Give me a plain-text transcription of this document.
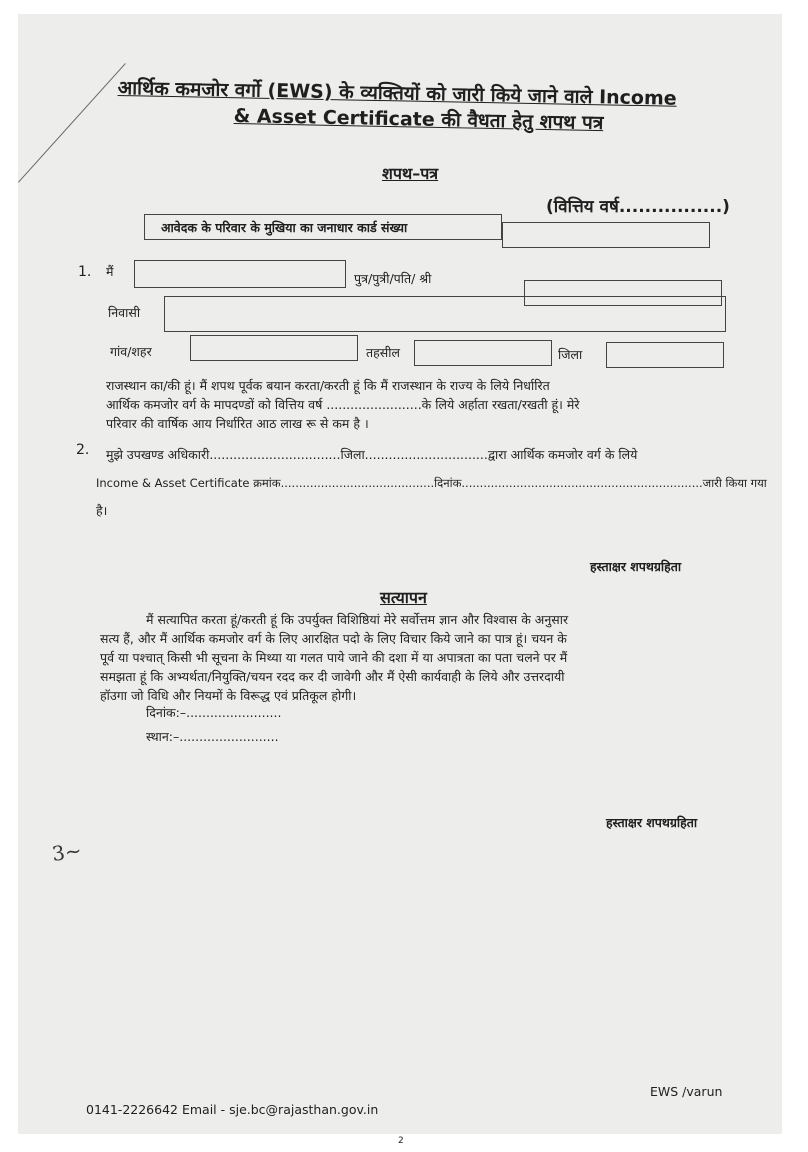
आर्थिक कमजोर वर्गो (EWS) के व्यक्तियों को जारी किये जाने वाले Income
& Asset Certificate की वैधता हेतु शपथ पत्र
शपथ–पत्र
(वित्तिय वर्ष................)
आवेदक के परिवार के मुखिया का जनाधार कार्ड संख्या
1. मैं	पुत्र/पुत्री/पति/ श्री
निवासी
गांव/शहर	तहसील	जिला
राजस्थान का/की हूं। मैं शपथ पूर्वक बयान करता/करती हूं कि मैं राजस्थान के राज्य के लिये निर्धारित
आर्थिक कमजोर वर्ग के मापदण्डों को वित्तिय वर्ष ........................के लिये अर्हाता रखता/रखती हूं। मेरे
परिवार की वार्षिक आय निर्धारित आठ लाख रू से कम है ।
2. मुझे उपखण्ड अधिकारी.................................जिला...............................द्वारा आर्थिक कमजोर वर्ग के लिये
Income & Asset Certificate क्रमांक..........................................दिनांक..................................................................जारी किया गया
है।
हस्ताक्षर शपथग्रहिता
सत्यापन
मैं सत्यापित करता हूं/करती हूं कि उपर्युक्त विशिष्ठियां मेरे सर्वोत्तम ज्ञान और विश्वास के अनुसार
सत्य हैं, और मैं आर्थिक कमजोर वर्ग के लिए आरक्षित पदो के लिए विचार किये जाने का पात्र हूं। चयन के
पूर्व या पश्चात् किसी भी सूचना के मिथ्या या गलत पाये जाने की दशा में या अपात्रता का पता चलने पर मैं
समझता हूं कि अभ्यर्थता/नियुक्ति/चयन रदद कर दी जावेगी और मैं ऐसी कार्यवाही के लिये और उत्तरदायी
हॉउगा जो विधि और नियमों के विरूद्ध एवं प्रतिकूल होगी।
दिनांक:–........................
स्थान:–.........................
हस्ताक्षर शपथग्रहिता
3~
EWS /varun
0141-2226642 Email - sje.bc@rajasthan.gov.in
2
